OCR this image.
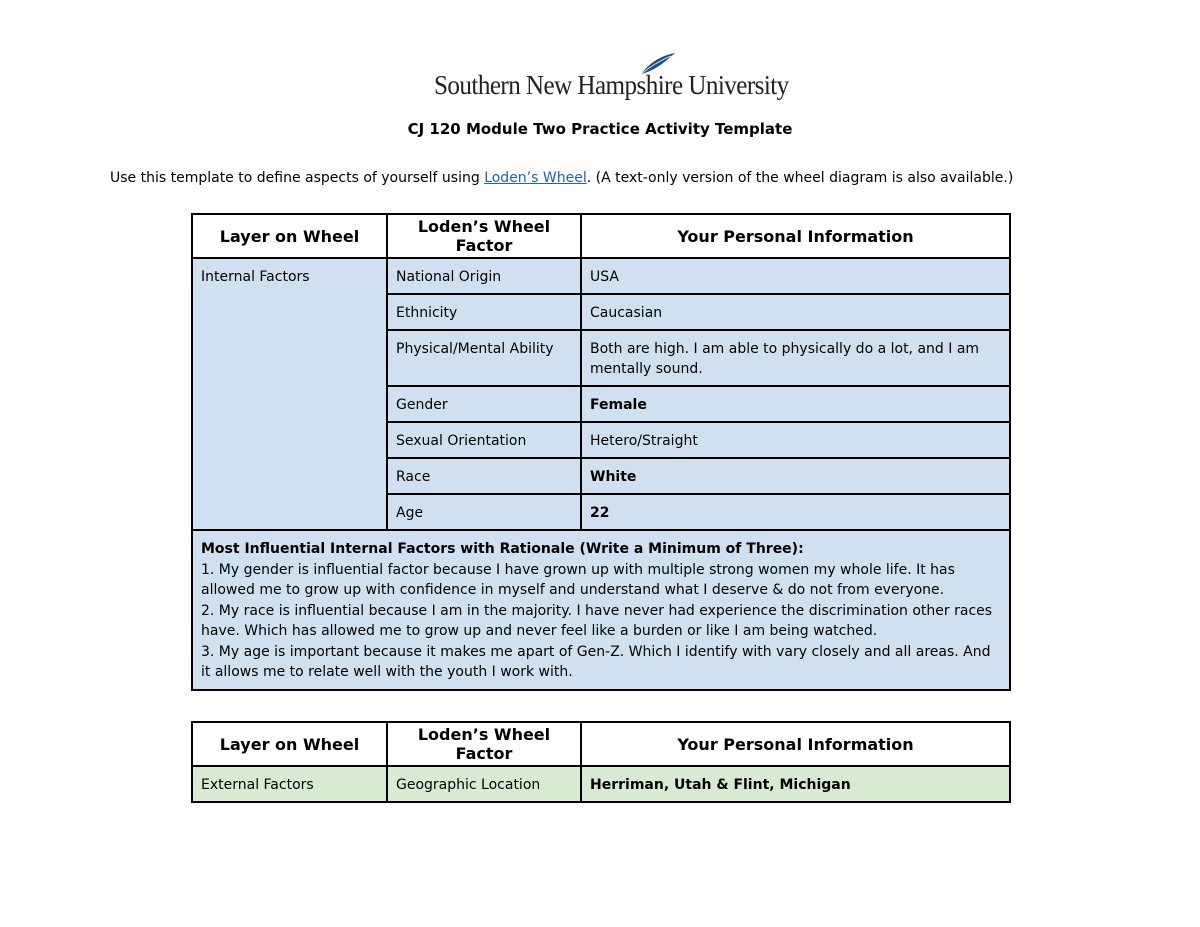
Southern New Hampshire University
CJ 120 Module Two Practice Activity Template
Use this template to define aspects of yourself using Loden’s Wheel. (A text-only version of the wheel diagram is also available.)
Layer on Wheel	Loden’s Wheel Factor	Your Personal Information
Internal Factors	National Origin	USA
	Ethnicity	Caucasian
	Physical/Mental Ability	Both are high. I am able to physically do a lot, and I am mentally sound.
	Gender	Female
	Sexual Orientation	Hetero/Straight
	Race	White
	Age	22

Most Influential Internal Factors with Rationale (Write a Minimum of Three):
1. My gender is influential factor because I have grown up with multiple strong women my whole life. It has allowed me to grow up with confidence in myself and understand what I deserve & do not from everyone.
2. My race is influential because I am in the majority. I have never had experience the discrimination other races have. Which has allowed me to grow up and never feel like a burden or like I am being watched.
3. My age is important because it makes me apart of Gen-Z. Which I identify with vary closely and all areas. And it allows me to relate well with the youth I work with.		
Layer on Wheel	Loden’s Wheel Factor	Your Personal Information
External Factors	Geographic Location	Herriman, Utah & Flint, Michigan
